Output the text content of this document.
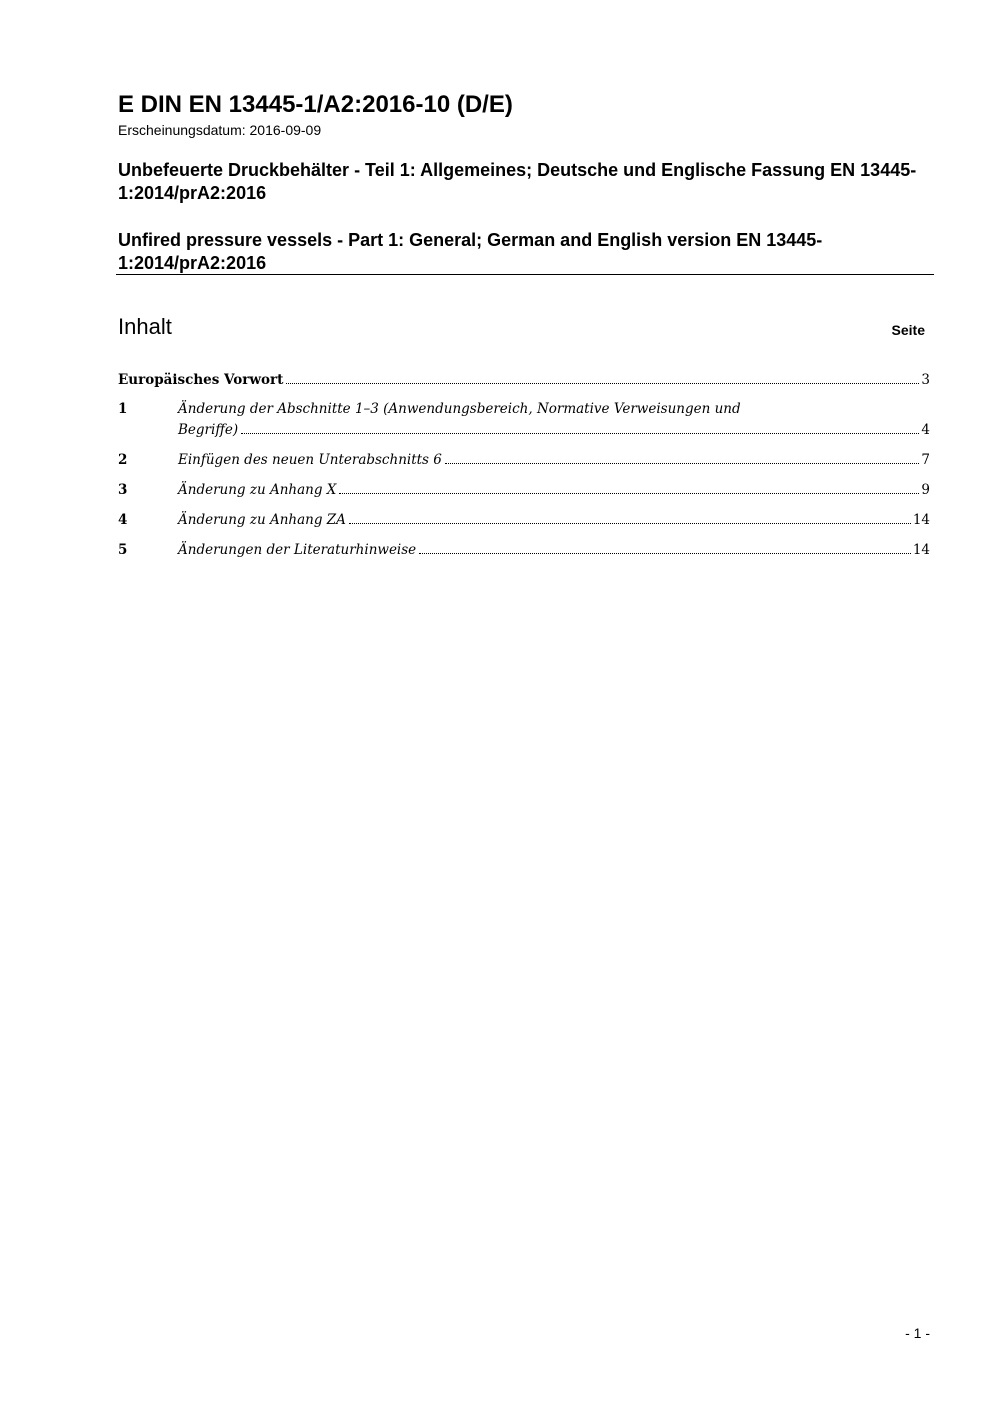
E DIN EN 13445-1/A2:2016-10 (D/E)
Erscheinungsdatum: 2016-09-09
Unbefeuerte Druckbehälter - Teil 1: Allgemeines; Deutsche und Englische Fassung EN 13445-1:2014/prA2:2016
Unfired pressure vessels - Part 1: General; German and English version EN 13445-1:2014/prA2:2016
Inhalt	Seite
Europäisches Vorwort	3
1	Änderung der Abschnitte 1–3 (Anwendungsbereich, Normative Verweisungen und
Begriffe)	4
2	Einfügen des neuen Unterabschnitts 6	7
3	Änderung zu Anhang X	9
4	Änderung zu Anhang ZA	14
5	Änderungen der Literaturhinweise	14
- 1 -
